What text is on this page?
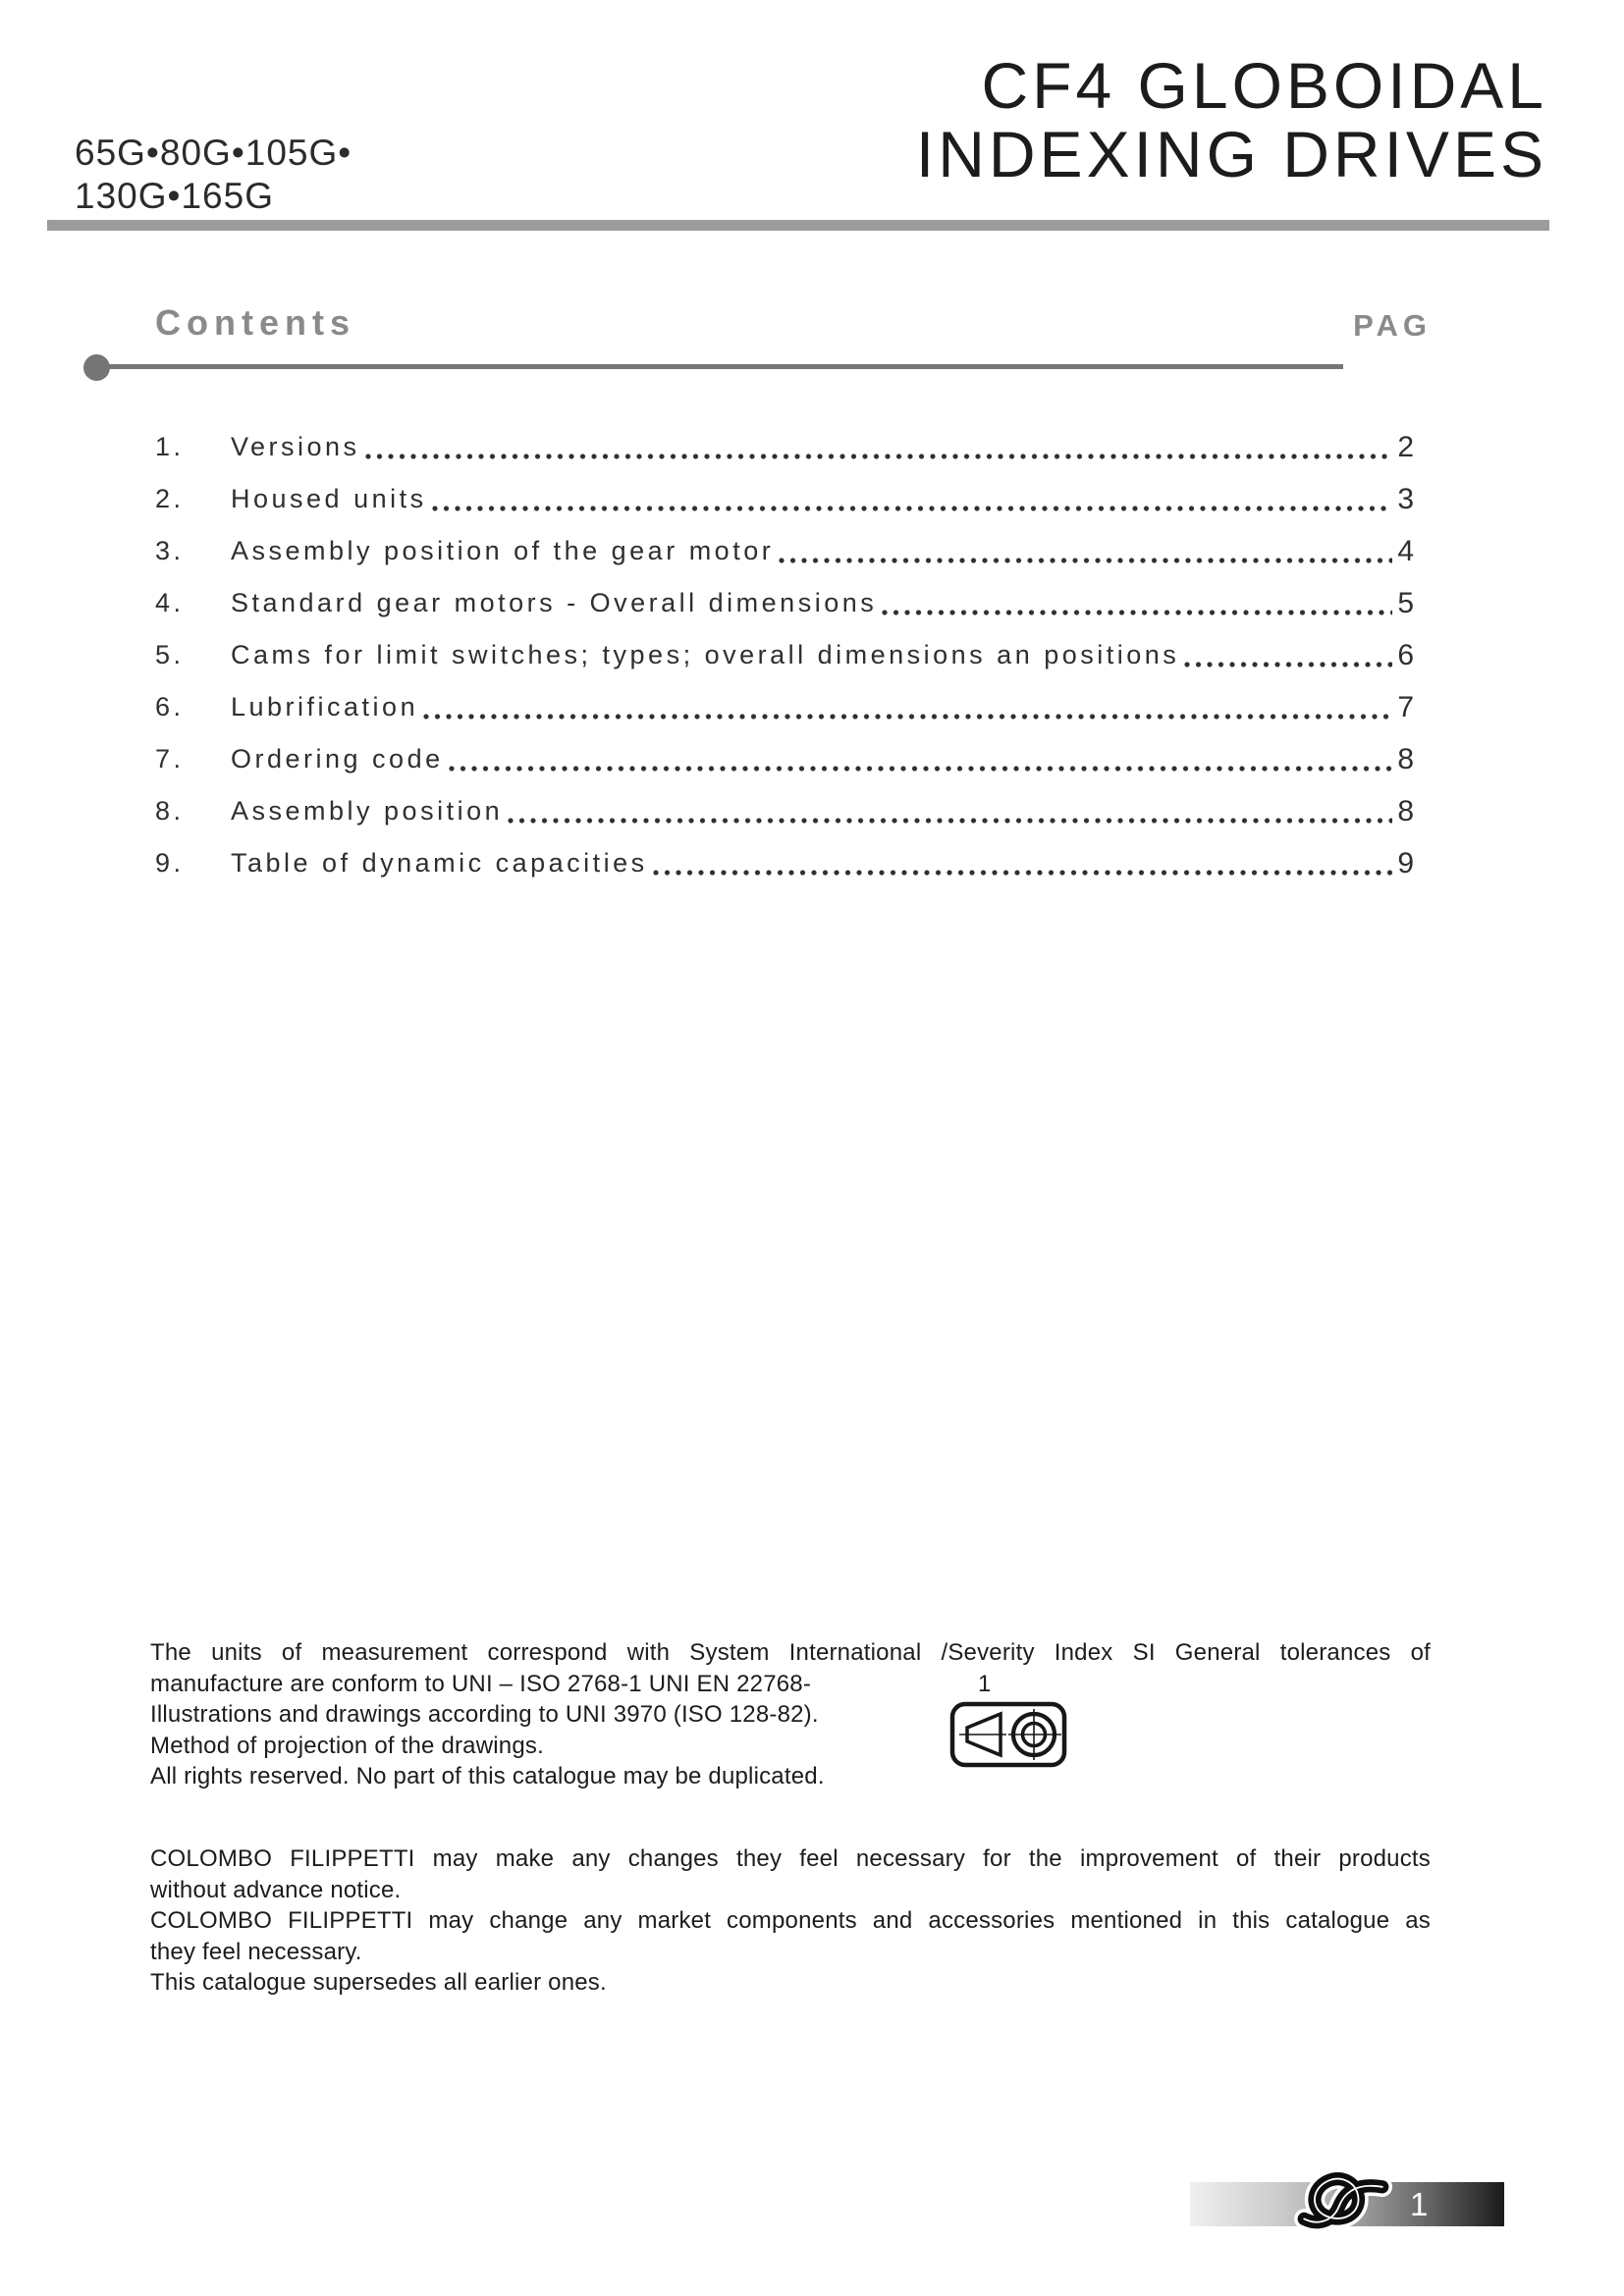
65G•80G•105G•
130G•165G
CF4 GLOBOIDAL
INDEXING DRIVES
Contents	PAG
1.	Versions	2
2.	Housed units	3
3.	Assembly position of the gear motor	4
4.	Standard gear motors - Overall dimensions	5
5.	Cams for limit switches; types; overall dimensions an positions	6
6.	Lubrification	7
7.	Ordering code	8
8.	Assembly position	8
9.	Table of dynamic capacities	9
The units of measurement correspond with System International /Severity Index SI General tolerances of
manufacture are conform to UNI – ISO 2768-1 UNI EN 22768-	1
Illustrations and drawings according to UNI 3970 (ISO 128-82).
Method of projection of the drawings.
All rights reserved. No part of this catalogue may be duplicated.
COLOMBO FILIPPETTI may make any changes they feel necessary for the improvement of their products
without advance notice.
COLOMBO FILIPPETTI may change any market components and accessories mentioned in this catalogue as
they feel necessary.
This catalogue supersedes all earlier ones.
1
